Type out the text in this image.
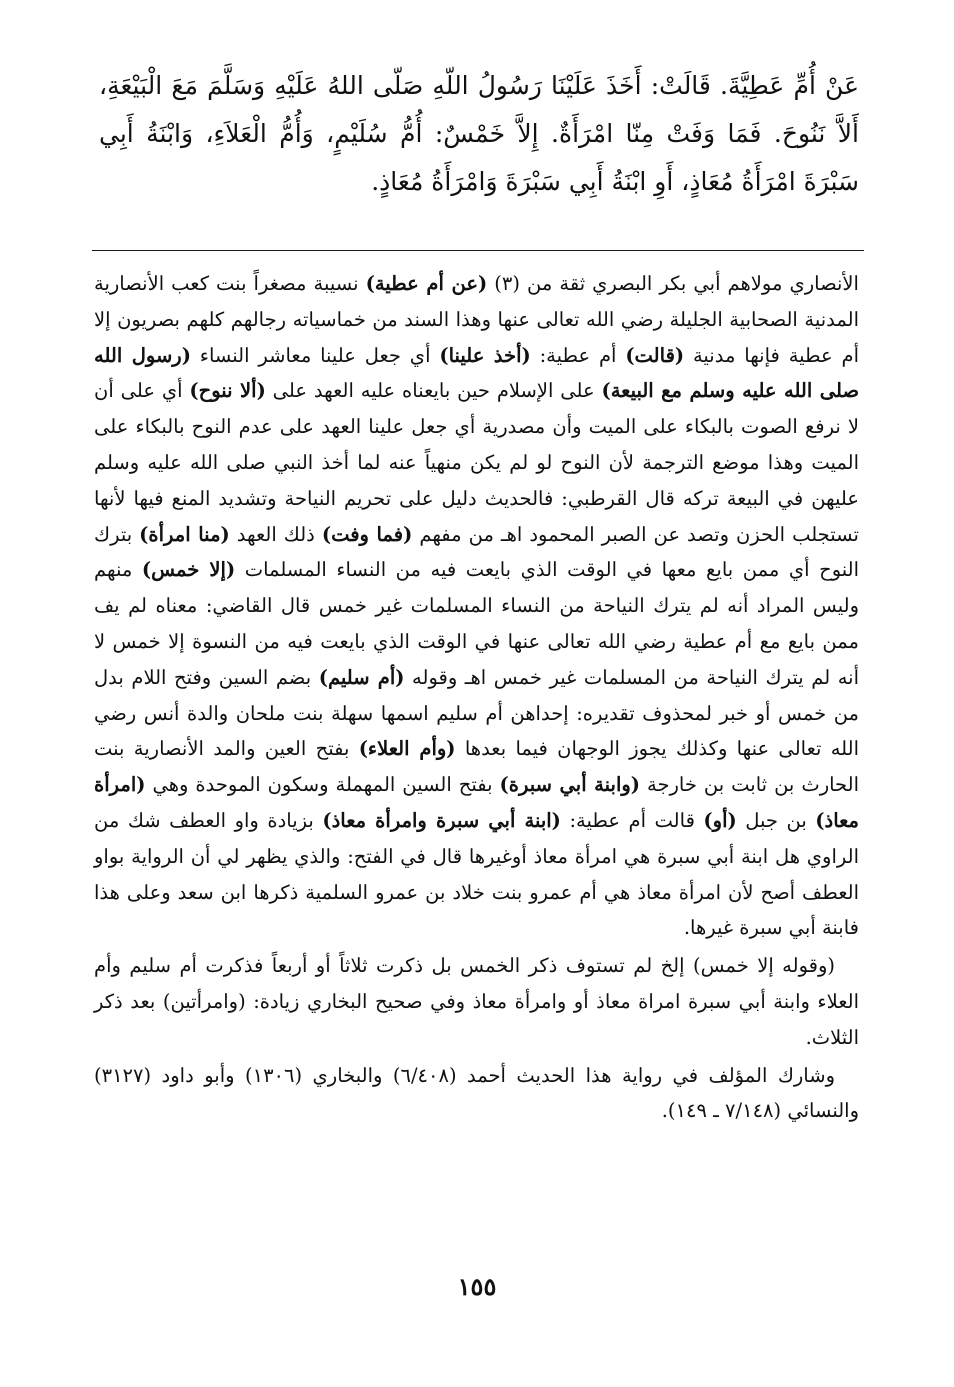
عَنْ أُمِّ عَطِيَّةَ. قَالَتْ: أَخَذَ عَلَيْنَا رَسُولُ اللّهِ صَلّى اللهُ عَلَيْهِ وَسَلَّمَ مَعَ الْبَيْعَةِ، أَلاَّ نَنُوحَ. فَمَا وَفَتْ مِنّا امْرَأَةٌ. إِلاَّ خَمْسٌ: أُمُّ سُلَيْمٍ، وَأُمُّ الْعَلاَءِ، وَابْنَةُ أَبِي سَبْرَةَ امْرَأَةُ مُعَاذٍ، أَوِ ابْنَةُ أَبِي سَبْرَةَ وَامْرَأَةُ مُعَاذٍ.

الأنصاري مولاهم أبي بكر البصري ثقة من (٣) (عن أم عطية) نسيبة مصغراً بنت كعب الأنصارية المدنية الصحابية الجليلة رضي الله تعالى عنها وهذا السند من خماسياته رجالهم كلهم بصريون إلا أم عطية فإنها مدنية (قالت) أم عطية: (أخذ علينا) أي جعل علينا معاشر النساء (رسول الله صلى الله عليه وسلم مع البيعة) على الإسلام حين بايعناه عليه العهد على (ألا ننوح) أي على أن لا نرفع الصوت بالبكاء على الميت وأن مصدرية أي جعل علينا العهد على عدم النوح بالبكاء على الميت وهذا موضع الترجمة لأن النوح لو لم يكن منهياً عنه لما أخذ النبي صلى الله عليه وسلم عليهن في البيعة تركه قال القرطبي: فالحديث دليل على تحريم النياحة وتشديد المنع فيها لأنها تستجلب الحزن وتصد عن الصبر المحمود اهـ من مفهم (فما وفت) ذلك العهد (منا امرأة) بترك النوح أي ممن بايع معها في الوقت الذي بايعت فيه من النساء المسلمات (إلا خمس) منهم وليس المراد أنه لم يترك النياحة من النساء المسلمات غير خمس قال القاضي: معناه لم يف ممن بايع مع أم عطية رضي الله تعالى عنها في الوقت الذي بايعت فيه من النسوة إلا خمس لا أنه لم يترك النياحة من المسلمات غير خمس اهـ وقوله (أم سليم) بضم السين وفتح اللام بدل من خمس أو خبر لمحذوف تقديره: إحداهن أم سليم اسمها سهلة بنت ملحان والدة أنس رضي الله تعالى عنها وكذلك يجوز الوجهان فيما بعدها (وأم العلاء) بفتح العين والمد الأنصارية بنت الحارث بن ثابت بن خارجة (وابنة أبي سبرة) بفتح السين المهملة وسكون الموحدة وهي (امرأة معاذ) بن جبل (أو) قالت أم عطية: (ابنة أبي سبرة وامرأة معاذ) بزيادة واو العطف شك من الراوي هل ابنة أبي سبرة هي امرأة معاذ أوغيرها قال في الفتح: والذي يظهر لي أن الرواية بواو العطف أصح لأن امرأة معاذ هي أم عمرو بنت خلاد بن عمرو السلمية ذكرها ابن سعد وعلى هذا فابنة أبي سبرة غيرها.

(وقوله إلا خمس) إلخ لم تستوف ذكر الخمس بل ذكرت ثلاثاً أو أربعاً فذكرت أم سليم وأم العلاء وابنة أبي سبرة امراة معاذ أو وامرأة معاذ وفي صحيح البخاري زيادة: (وامرأتين) بعد ذكر الثلاث.

وشارك المؤلف في رواية هذا الحديث أحمد (٦/٤٠٨) والبخاري (١٣٠٦) وأبو داود (٣١٢٧) والنسائي (٧/١٤٨ ـ ١٤٩).

١٥٥
